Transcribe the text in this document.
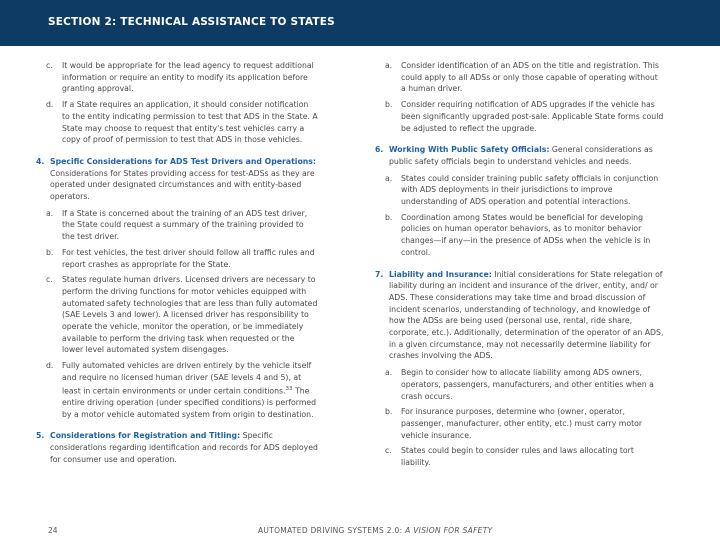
SECTION 2: TECHNICAL ASSISTANCE TO STATES
c. It would be appropriate for the lead agency to request additional information or require an entity to modify its application before granting approval.
d. If a State requires an application, it should consider notification to the entity indicating permission to test that ADS in the State. A State may choose to request that entity's test vehicles carry a copy of proof of permission to test that ADS in those vehicles.
4. Specific Considerations for ADS Test Drivers and Operations: Considerations for States providing access for test-ADSs as they are operated under designated circumstances and with entity-based operators.
a. If a State is concerned about the training of an ADS test driver, the State could request a summary of the training provided to the test driver.
b. For test vehicles, the test driver should follow all traffic rules and report crashes as appropriate for the State.
c. States regulate human drivers. Licensed drivers are necessary to perform the driving functions for motor vehicles equipped with automated safety technologies that are less than fully automated (SAE Levels 3 and lower). A licensed driver has responsibility to operate the vehicle, monitor the operation, or be immediately available to perform the driving task when requested or the lower level automated system disengages.
d. Fully automated vehicles are driven entirely by the vehicle itself and require no licensed human driver (SAE levels 4 and 5), at least in certain environments or under certain conditions.$^{33}$ The entire driving operation (under specified conditions) is performed by a motor vehicle automated system from origin to destination.
5. Considerations for Registration and Titling: Specific considerations regarding identification and records for ADS deployed for consumer use and operation.
a. Consider identification of an ADS on the title and registration. This could apply to all ADSs or only those capable of operating without a human driver.
b. Consider requiring notification of ADS upgrades if the vehicle has been significantly upgraded post-sale. Applicable State forms could be adjusted to reflect the upgrade.
6. Working With Public Safety Officials: General considerations as public safety officials begin to understand vehicles and needs.
a. States could consider training public safety officials in conjunction with ADS deployments in their jurisdictions to improve understanding of ADS operation and potential interactions.
b. Coordination among States would be beneficial for developing policies on human operator behaviors, as to monitor behavior changes—if any—in the presence of ADSs when the vehicle is in control.
7. Liability and Insurance: Initial considerations for State relegation of liability during an incident and insurance of the driver, entity, and/ or ADS. These considerations may take time and broad discussion of incident scenarios, understanding of technology, and knowledge of how the ADSs are being used (personal use, rental, ride share, corporate, etc.). Additionally, determination of the operator of an ADS, in a given circumstance, may not necessarily determine liability for crashes involving the ADS.
a. Begin to consider how to allocate liability among ADS owners, operators, passengers, manufacturers, and other entities when a crash occurs.
b. For insurance purposes, determine who (owner, operator, passenger, manufacturer, other entity, etc.) must carry motor vehicle insurance.
c. States could begin to consider rules and laws allocating tort liability.
24	AUTOMATED DRIVING SYSTEMS 2.0: A VISION FOR SAFETY
